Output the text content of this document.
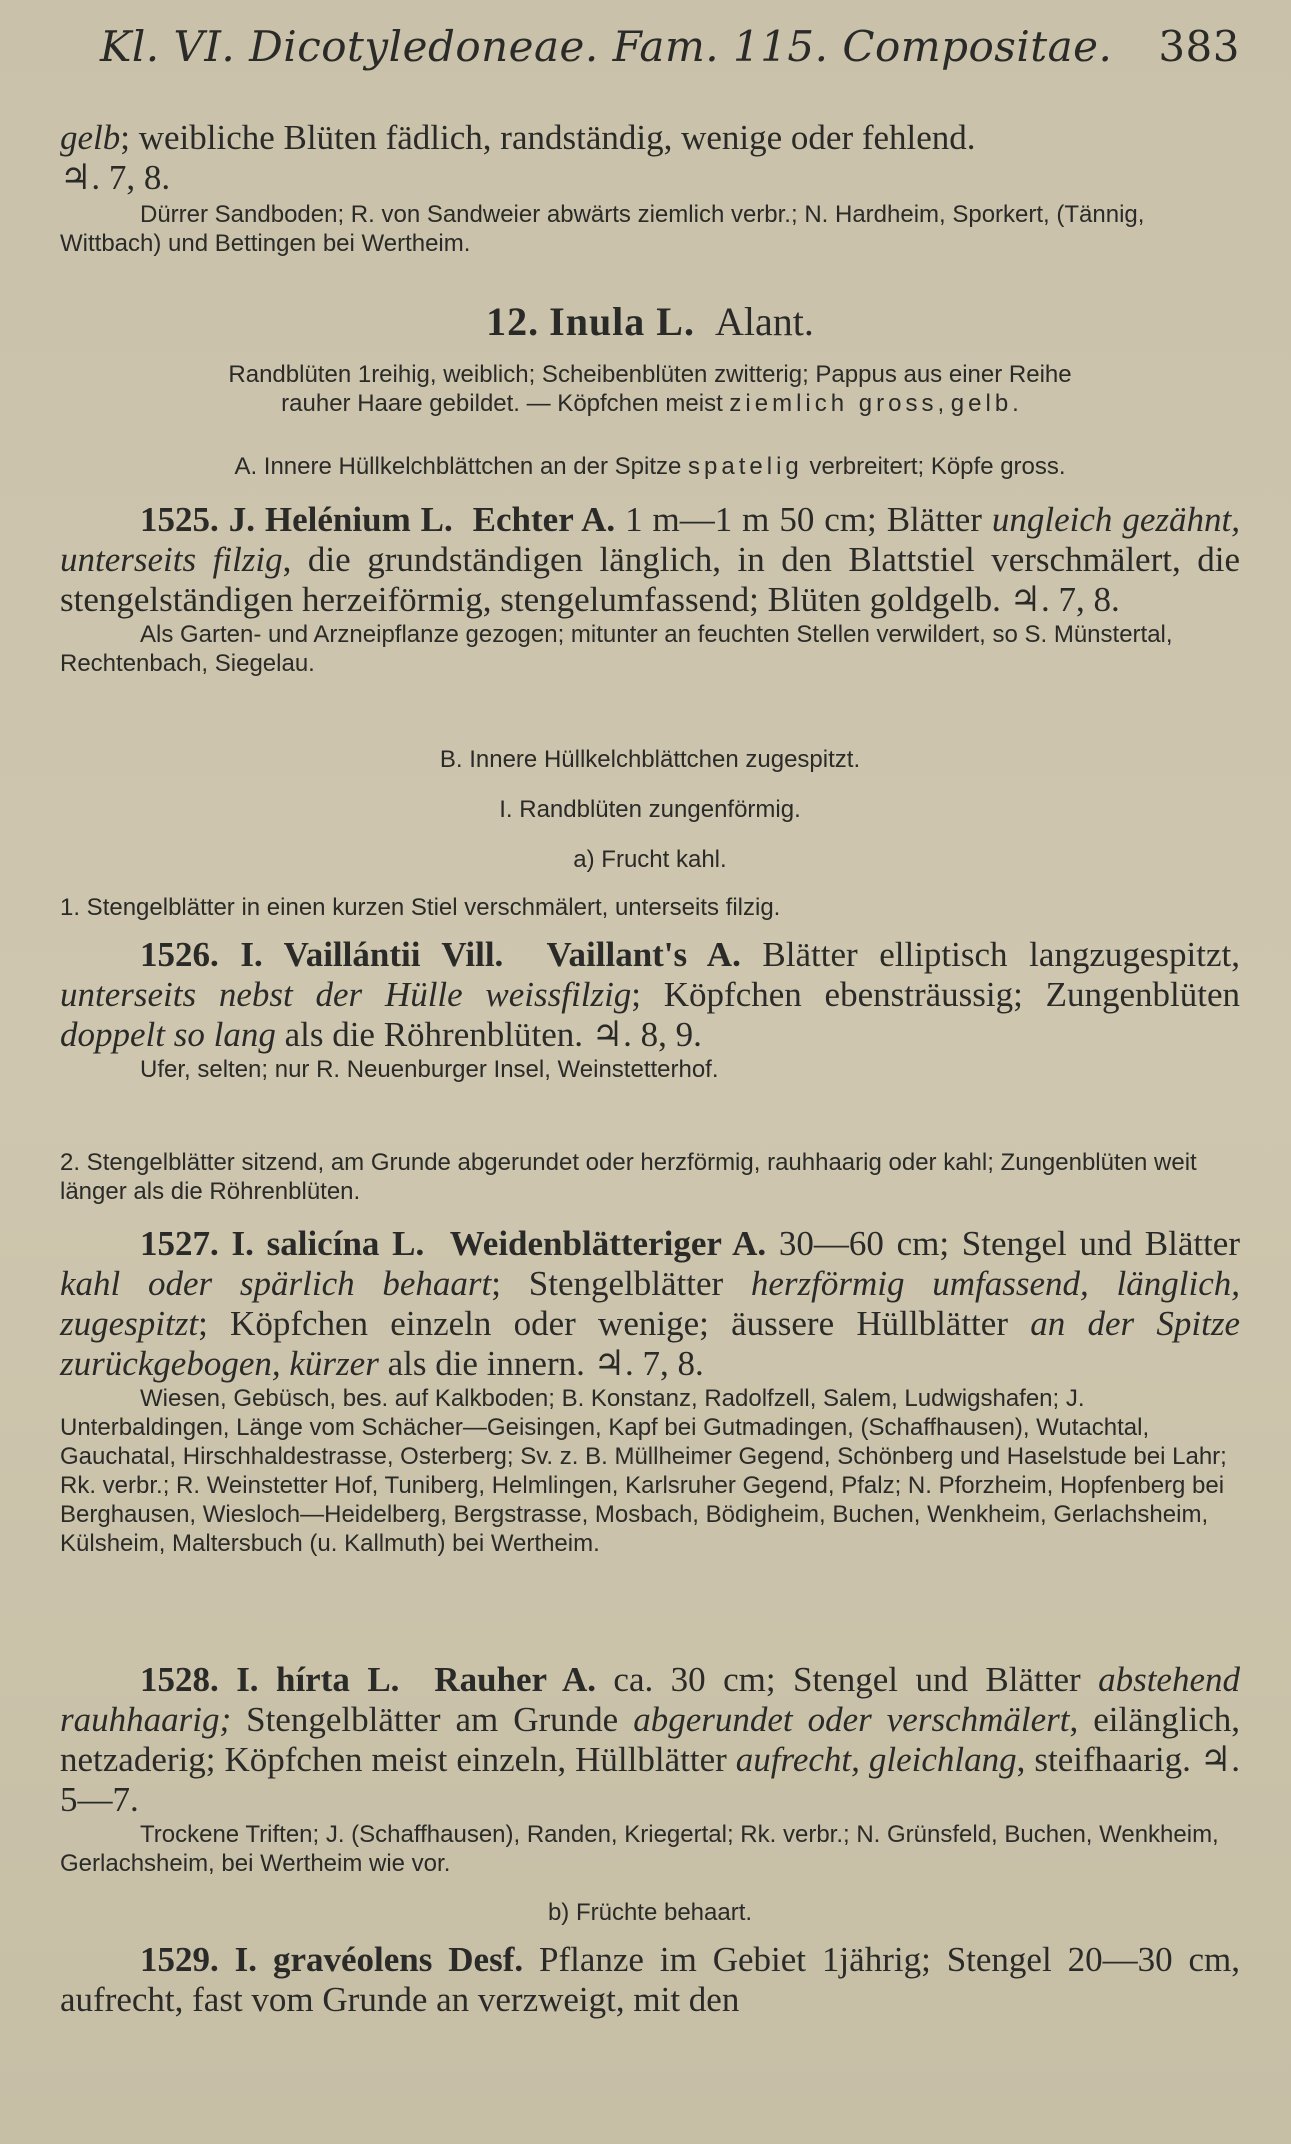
Kl. VI. Dicotyledoneae. Fam. 115. Compositae. 383

gelb; weibliche Blüten fädlich, randständig, wenige oder fehlend.

♃. 7, 8.

Dürrer Sandboden; R. von Sandweier abwärts ziemlich verbr.; N. Hardheim, Sporkert, (Tännig, Wittbach) und Bettingen bei Wertheim.

12. Inula L. Alant.

Randblüten 1reihig, weiblich; Scheibenblüten zwitterig; Pappus aus einer Reihe

rauher Haare gebildet. — Köpfchen meist ziemlich gross, gelb.

A. Innere Hüllkelchblättchen an der Spitze spatelig verbreitert; Köpfe gross.

1525. J. Helénium L. Echter A. 1 m—1 m 50 cm; Blätter ungleich gezähnt, unterseits filzig, die grundständigen länglich, in den Blattstiel verschmälert, die stengelständigen herzeiförmig, stengelumfassend; Blüten goldgelb. ♃. 7, 8.

Als Garten- und Arzneipflanze gezogen; mitunter an feuchten Stellen verwildert, so S. Münstertal, Rechtenbach, Siegelau.

B. Innere Hüllkelchblättchen zugespitzt.

I. Randblüten zungenförmig.

a) Frucht kahl.

1. Stengelblätter in einen kurzen Stiel verschmälert, unterseits filzig.

1526. I. Vaillántii Vill. Vaillant's A. Blätter elliptisch langzugespitzt, unterseits nebst der Hülle weissfilzig; Köpfchen ebensträussig; Zungenblüten doppelt so lang als die Röhrenblüten. ♃. 8, 9.

Ufer, selten; nur R. Neuenburger Insel, Weinstetterhof.

2. Stengelblätter sitzend, am Grunde abgerundet oder herzförmig, rauhhaarig oder kahl; Zungenblüten weit länger als die Röhrenblüten.

1527. I. salicína L. Weidenblätteriger A. 30—60 cm; Stengel und Blätter kahl oder spärlich behaart; Stengelblätter herzförmig umfassend, länglich, zugespitzt; Köpfchen einzeln oder wenige; äussere Hüllblätter an der Spitze zurückgebogen, kürzer als die innern. ♃. 7, 8.

Wiesen, Gebüsch, bes. auf Kalkboden; B. Konstanz, Radolfzell, Salem, Ludwigshafen; J. Unterbaldingen, Länge vom Schächer—Geisingen, Kapf bei Gutmadingen, (Schaffhausen), Wutachtal, Gauchatal, Hirschhaldestrasse, Osterberg; Sv. z. B. Müllheimer Gegend, Schönberg und Haselstude bei Lahr; Rk. verbr.; R. Weinstetter Hof, Tuniberg, Helmlingen, Karlsruher Gegend, Pfalz; N. Pforzheim, Hopfenberg bei Berghausen, Wiesloch—Heidelberg, Bergstrasse, Mosbach, Bödigheim, Buchen, Wenkheim, Gerlachsheim, Külsheim, Maltersbuch (u. Kallmuth) bei Wertheim.

1528. I. hírta L. Rauher A. ca. 30 cm; Stengel und Blätter abstehend rauhhaarig; Stengelblätter am Grunde abgerundet oder verschmälert, eilänglich, netzaderig; Köpfchen meist einzeln, Hüllblätter aufrecht, gleichlang, steifhaarig. ♃. 5—7.

Trockene Triften; J. (Schaffhausen), Randen, Kriegertal; Rk. verbr.; N. Grünsfeld, Buchen, Wenkheim, Gerlachsheim, bei Wertheim wie vor.

b) Früchte behaart.

1529. I. gravéolens Desf. Pflanze im Gebiet 1jährig; Stengel 20—30 cm, aufrecht, fast vom Grunde an verzweigt, mit den
